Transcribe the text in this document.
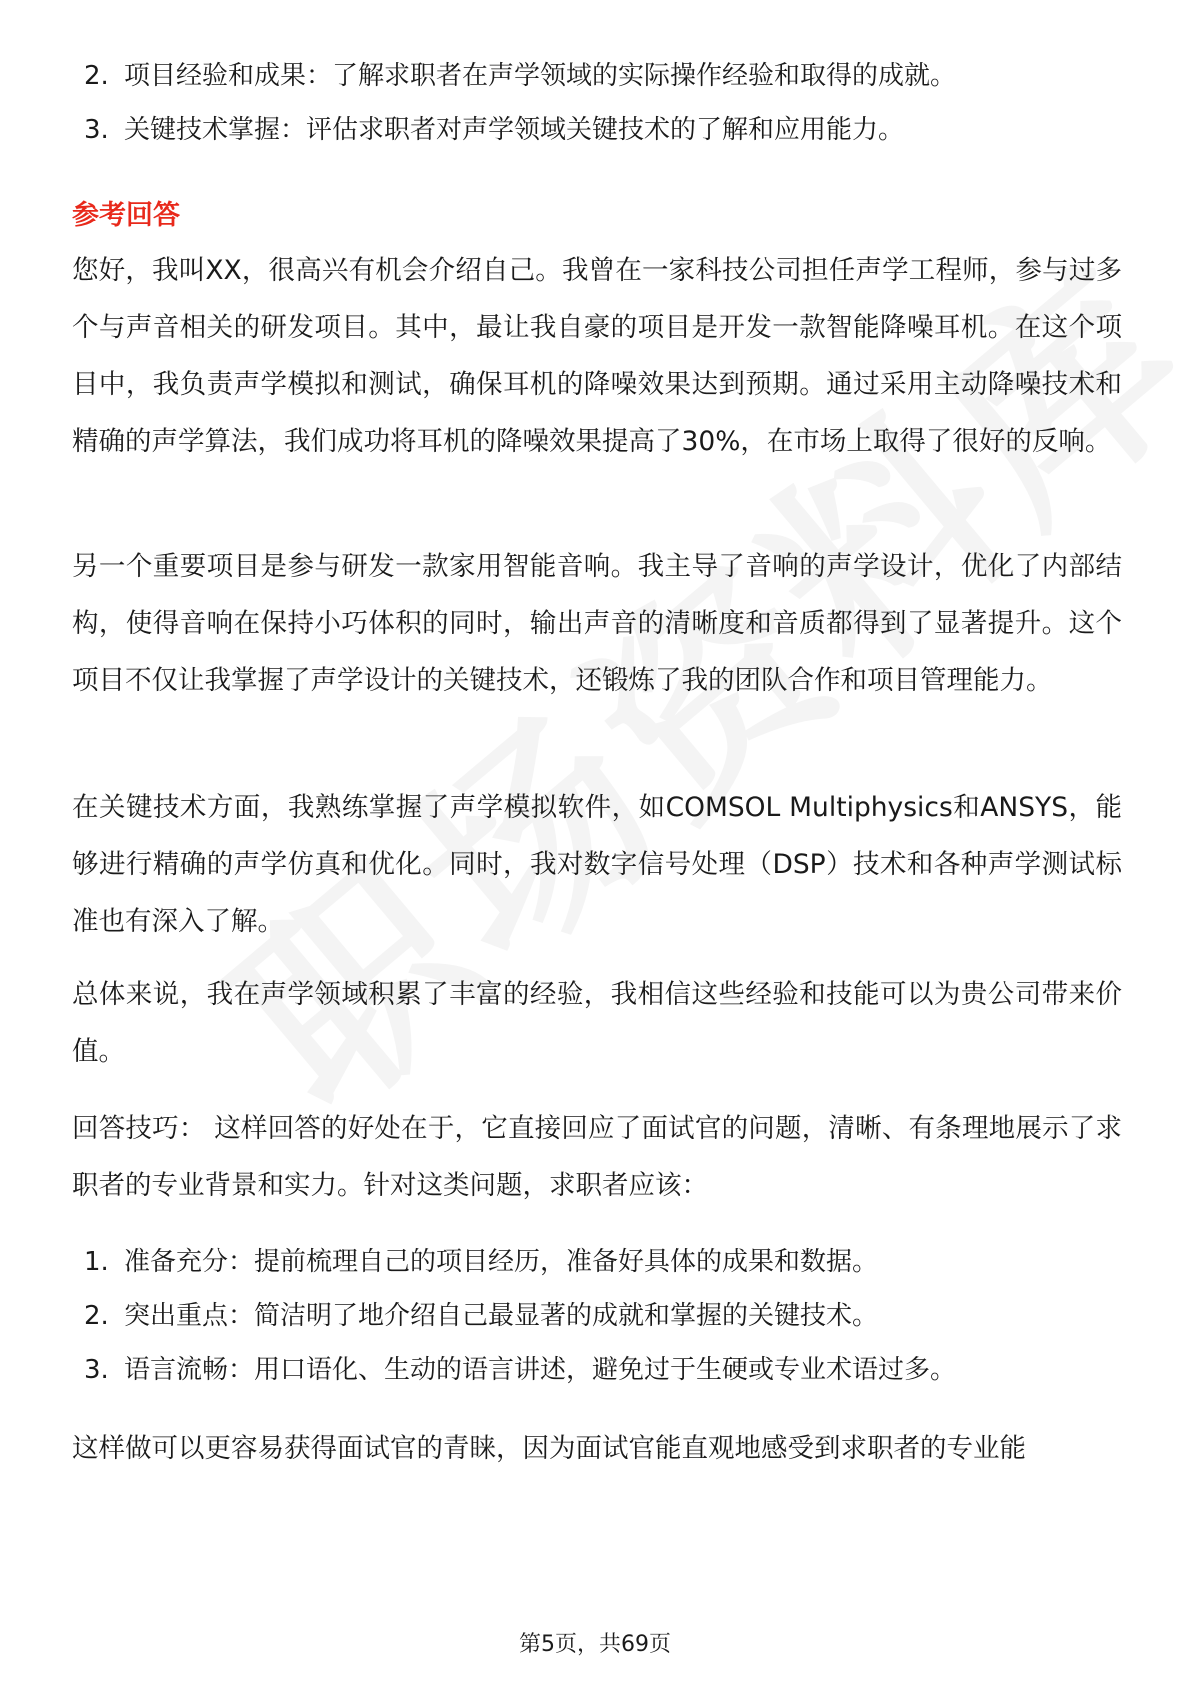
2. 项目经验和成果：了解求职者在声学领域的实际操作经验和取得的成就。
3. 关键技术掌握：评估求职者对声学领域关键技术的了解和应用能力。
参考回答
您好，我叫XX，很高兴有机会介绍自己。我曾在一家科技公司担任声学工程师，参与过多个与声音相关的研发项目。其中，最让我自豪的项目是开发一款智能降噪耳机。在这个项目中，我负责声学模拟和测试，确保耳机的降噪效果达到预期。通过采用主动降噪技术和精确的声学算法，我们成功将耳机的降噪效果提高了30%，在市场上取得了很好的反响。
另一个重要项目是参与研发一款家用智能音响。我主导了音响的声学设计，优化了内部结构，使得音响在保持小巧体积的同时，输出声音的清晰度和音质都得到了显著提升。这个项目不仅让我掌握了声学设计的关键技术，还锻炼了我的团队合作和项目管理能力。
在关键技术方面，我熟练掌握了声学模拟软件，如COMSOL Multiphysics和ANSYS，能够进行精确的声学仿真和优化。同时，我对数字信号处理（DSP）技术和各种声学测试标准也有深入了解。
总体来说，我在声学领域积累了丰富的经验，我相信这些经验和技能可以为贵公司带来价值。
回答技巧： 这样回答的好处在于，它直接回应了面试官的问题，清晰、有条理地展示了求职者的专业背景和实力。针对这类问题，求职者应该：
1. 准备充分：提前梳理自己的项目经历，准备好具体的成果和数据。
2. 突出重点：简洁明了地介绍自己最显著的成就和掌握的关键技术。
3. 语言流畅：用口语化、生动的语言讲述，避免过于生硬或专业术语过多。
这样做可以更容易获得面试官的青睐，因为面试官能直观地感受到求职者的专业能
第5页，共69页
